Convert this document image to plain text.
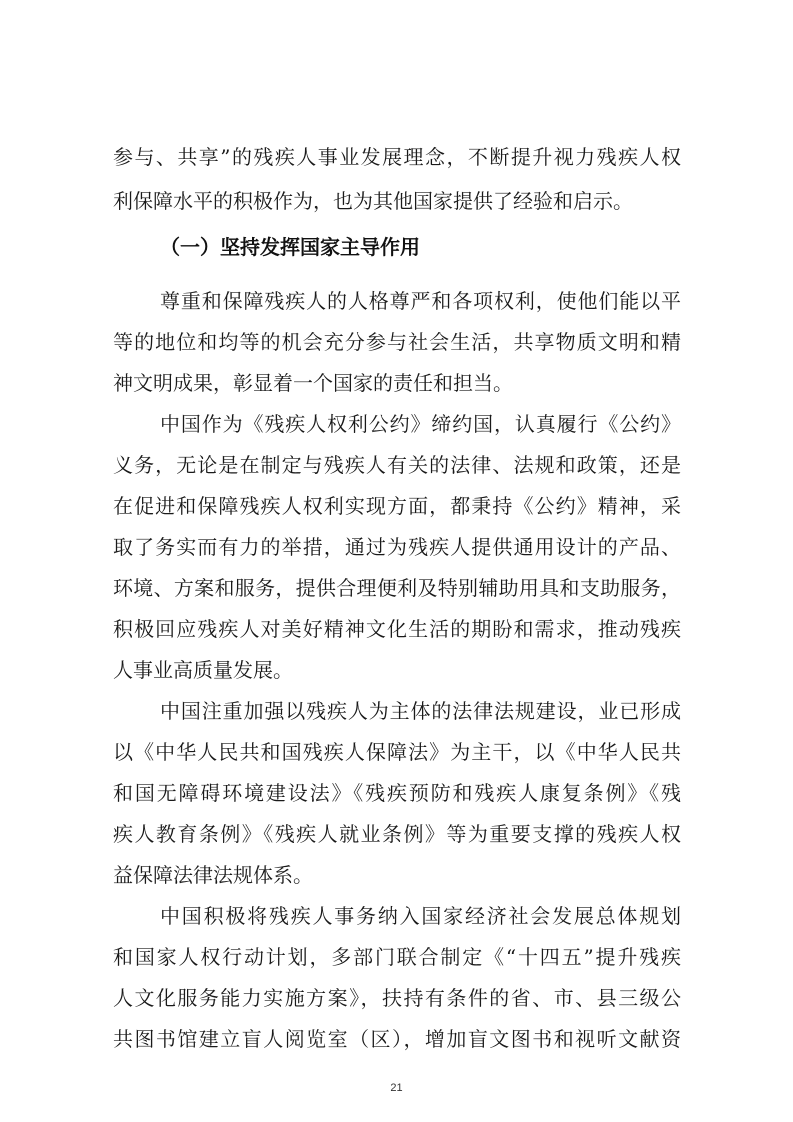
参与、共享”的残疾人事业发展理念，不断提升视力残疾人权
利保障水平的积极作为，也为其他国家提供了经验和启示。
（一）坚持发挥国家主导作用
尊重和保障残疾人的人格尊严和各项权利，使他们能以平
等的地位和均等的机会充分参与社会生活，共享物质文明和精
神文明成果，彰显着一个国家的责任和担当。
中国作为《残疾人权利公约》缔约国，认真履行《公约》
义务，无论是在制定与残疾人有关的法律、法规和政策，还是
在促进和保障残疾人权利实现方面，都秉持《公约》精神，采
取了务实而有力的举措，通过为残疾人提供通用设计的产品、
环境、方案和服务，提供合理便利及特别辅助用具和支助服务，
积极回应残疾人对美好精神文化生活的期盼和需求，推动残疾
人事业高质量发展。
中国注重加强以残疾人为主体的法律法规建设，业已形成
以《中华人民共和国残疾人保障法》为主干，以《中华人民共
和国无障碍环境建设法》《残疾预防和残疾人康复条例》《残
疾人教育条例》《残疾人就业条例》等为重要支撑的残疾人权
益保障法律法规体系。
中国积极将残疾人事务纳入国家经济社会发展总体规划
和国家人权行动计划，多部门联合制定《“十四五”提升残疾
人文化服务能力实施方案》，扶持有条件的省、市、县三级公
共图书馆建立盲人阅览室（区），增加盲文图书和视听文献资
21
